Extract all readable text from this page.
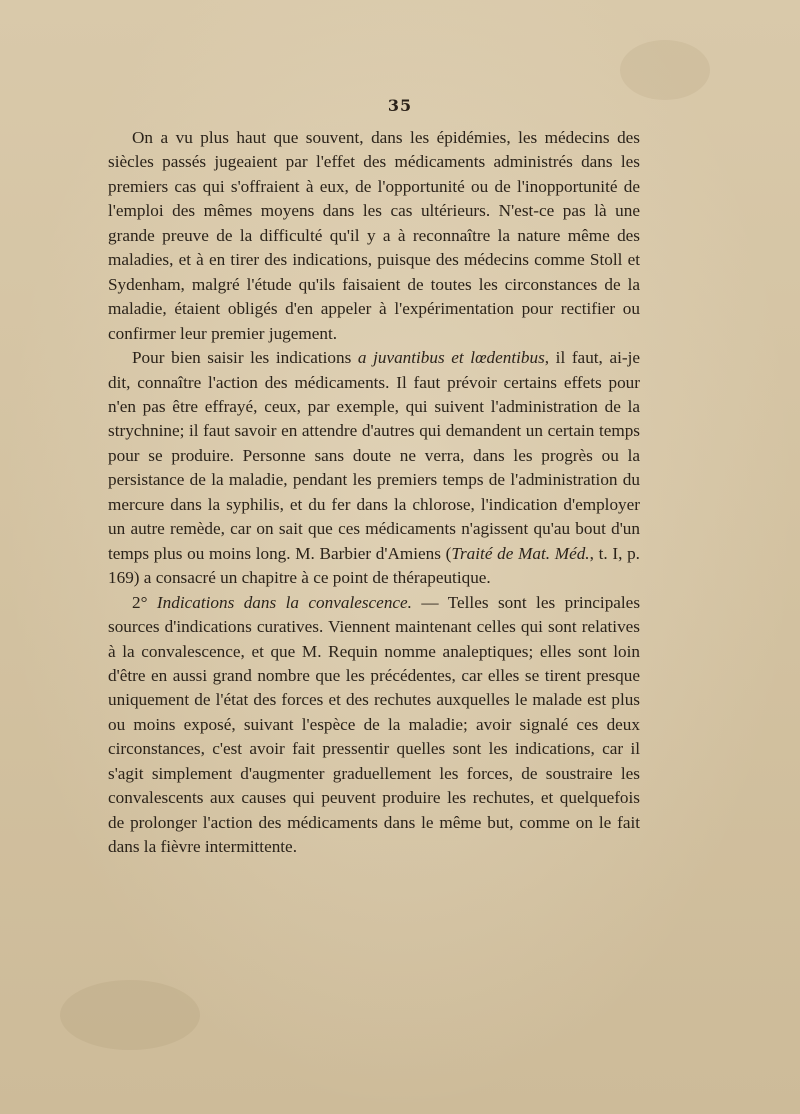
35

On a vu plus haut que souvent, dans les épidémies, les médecins des siècles passés jugeaient par l'effet des médicaments administrés dans les premiers cas qui s'offraient à eux, de l'opportunité ou de l'inopportunité de l'emploi des mêmes moyens dans les cas ultérieurs. N'est-ce pas là une grande preuve de la difficulté qu'il y a à reconnaître la nature même des maladies, et à en tirer des indications, puisque des médecins comme Stoll et Sydenham, malgré l'étude qu'ils faisaient de toutes les circonstances de la maladie, étaient obligés d'en appeler à l'expérimentation pour rectifier ou confirmer leur premier jugement.

Pour bien saisir les indications a juvantibus et lœdentibus, il faut, ai-je dit, connaître l'action des médicaments. Il faut prévoir certains effets pour n'en pas être effrayé, ceux, par exemple, qui suivent l'administration de la strychnine; il faut savoir en attendre d'autres qui demandent un certain temps pour se produire. Personne sans doute ne verra, dans les progrès ou la persistance de la maladie, pendant les premiers temps de l'administration du mercure dans la syphilis, et du fer dans la chlorose, l'indication d'employer un autre remède, car on sait que ces médicaments n'agissent qu'au bout d'un temps plus ou moins long. M. Barbier d'Amiens (Traité de Mat. Méd., t. I, p. 169) a consacré un chapitre à ce point de thérapeutique.

2° Indications dans la convalescence. — Telles sont les principales sources d'indications curatives. Viennent maintenant celles qui sont relatives à la convalescence, et que M. Requin nomme analeptiques; elles sont loin d'être en aussi grand nombre que les précédentes, car elles se tirent presque uniquement de l'état des forces et des rechutes auxquelles le malade est plus ou moins exposé, suivant l'espèce de la maladie; avoir signalé ces deux circonstances, c'est avoir fait pressentir quelles sont les indications, car il s'agit simplement d'augmenter graduellement les forces, de soustraire les convalescents aux causes qui peuvent produire les rechutes, et quelquefois de prolonger l'action des médicaments dans le même but, comme on le fait dans la fièvre intermittente.
